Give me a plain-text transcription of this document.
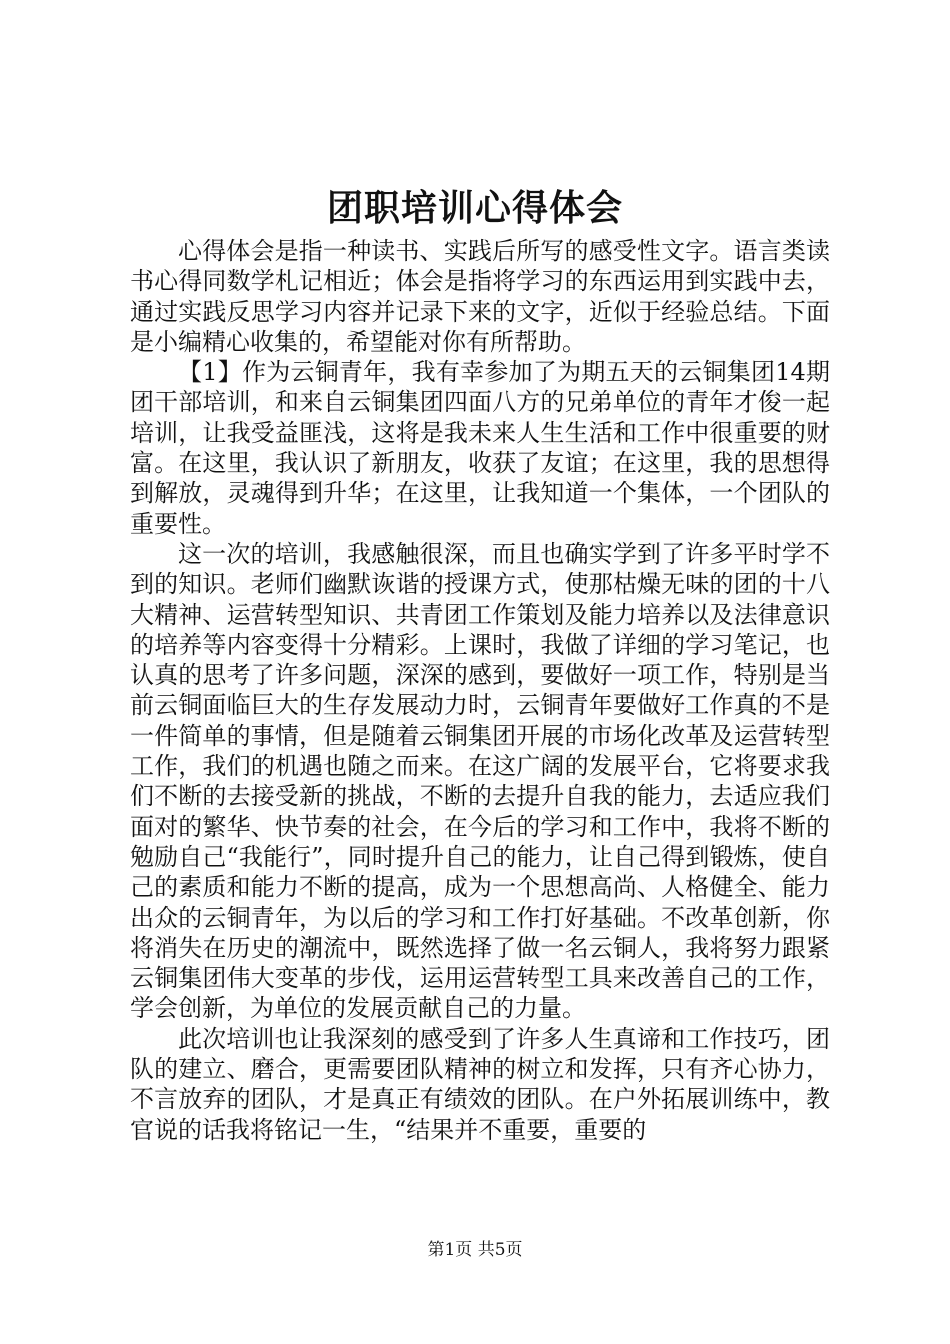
团职培训心得体会

心得体会是指一种读书、实践后所写的感受性文字。语言类读书心得同数学札记相近；体会是指将学习的东西运用到实践中去，通过实践反思学习内容并记录下来的文字，近似于经验总结。下面是小编精心收集的，希望能对你有所帮助。

【1】作为云铜青年，我有幸参加了为期五天的云铜集团14期团干部培训，和来自云铜集团四面八方的兄弟单位的青年才俊一起培训，让我受益匪浅，这将是我未来人生生活和工作中很重要的财富。在这里，我认识了新朋友，收获了友谊；在这里，我的思想得到解放，灵魂得到升华；在这里，让我知道一个集体，一个团队的重要性。

这一次的培训，我感触很深，而且也确实学到了许多平时学不到的知识。老师们幽默诙谐的授课方式，使那枯燥无味的团的十八大精神、运营转型知识、共青团工作策划及能力培养以及法律意识的培养等内容变得十分精彩。上课时，我做了详细的学习笔记，也认真的思考了许多问题，深深的感到，要做好一项工作，特别是当前云铜面临巨大的生存发展动力时，云铜青年要做好工作真的不是一件简单的事情，但是随着云铜集团开展的市场化改革及运营转型工作，我们的机遇也随之而来。在这广阔的发展平台，它将要求我们不断的去接受新的挑战，不断的去提升自我的能力，去适应我们面对的繁华、快节奏的社会，在今后的学习和工作中，我将不断的勉励自己“我能行”，同时提升自己的能力，让自己得到锻炼，使自己的素质和能力不断的提高，成为一个思想高尚、人格健全、能力出众的云铜青年，为以后的学习和工作打好基础。不改革创新，你将消失在历史的潮流中，既然选择了做一名云铜人，我将努力跟紧云铜集团伟大变革的步伐，运用运营转型工具来改善自己的工作，学会创新，为单位的发展贡献自己的力量。

此次培训也让我深刻的感受到了许多人生真谛和工作技巧，团队的建立、磨合，更需要团队精神的树立和发挥，只有齐心协力，不言放弃的团队，才是真正有绩效的团队。在户外拓展训练中，教官说的话我将铭记一生，“结果并不重要，重要的

第1页 共5页
